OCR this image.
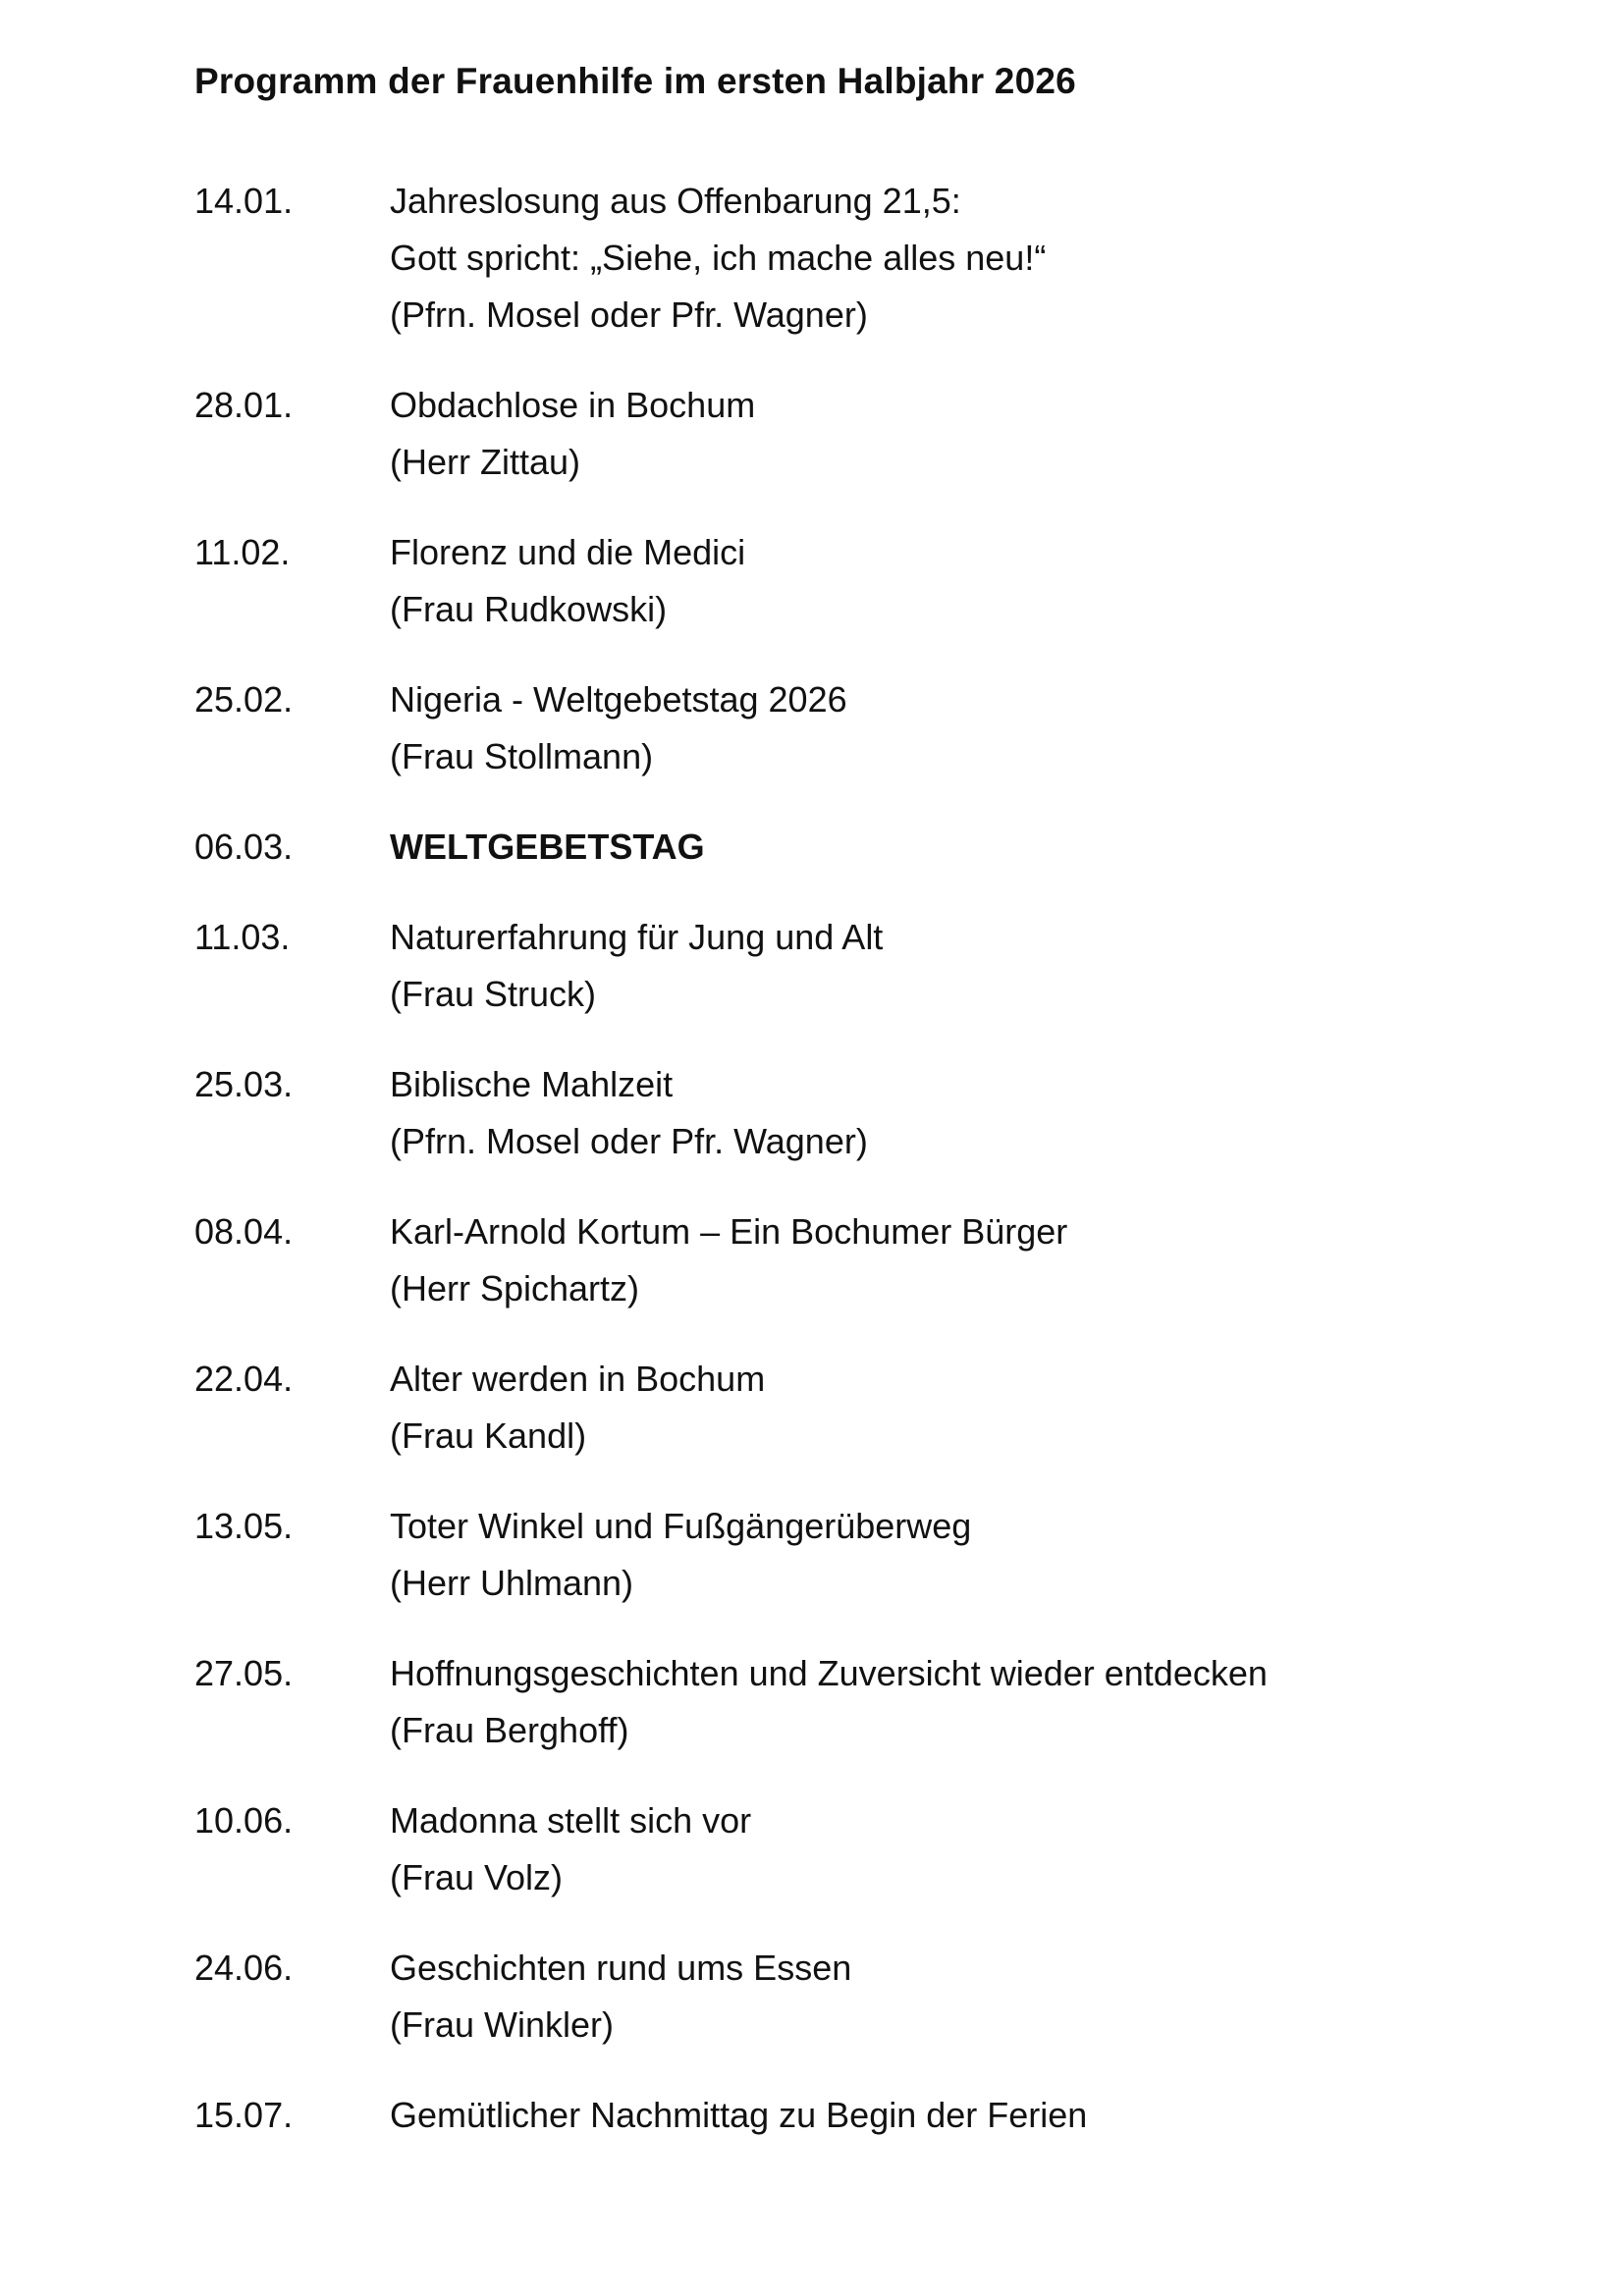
Programm der Frauenhilfe im ersten Halbjahr 2026
14.01.	Jahreslosung aus Offenbarung 21,5:
Gott spricht: „Siehe, ich mache alles neu!“
(Pfrn. Mosel oder Pfr. Wagner)
28.01.	Obdachlose in Bochum
(Herr Zittau)
11.02.	Florenz und die Medici
(Frau Rudkowski)
25.02.	Nigeria - Weltgebetstag 2026
(Frau Stollmann)
06.03.	WELTGEBETSTAG
11.03.	Naturerfahrung für Jung und Alt
(Frau Struck)
25.03.	Biblische Mahlzeit
(Pfrn. Mosel oder Pfr. Wagner)
08.04.	Karl-Arnold Kortum – Ein Bochumer Bürger
(Herr Spichartz)
22.04.	Alter werden in Bochum
(Frau Kandl)
13.05.	Toter Winkel und Fußgängerüberweg
(Herr Uhlmann)
27.05.	Hoffnungsgeschichten und Zuversicht wieder entdecken
(Frau Berghoff)
10.06.	Madonna stellt sich vor
(Frau Volz)
24.06.	Geschichten rund ums Essen
(Frau Winkler)
15.07.	Gemütlicher Nachmittag zu Begin der Ferien
